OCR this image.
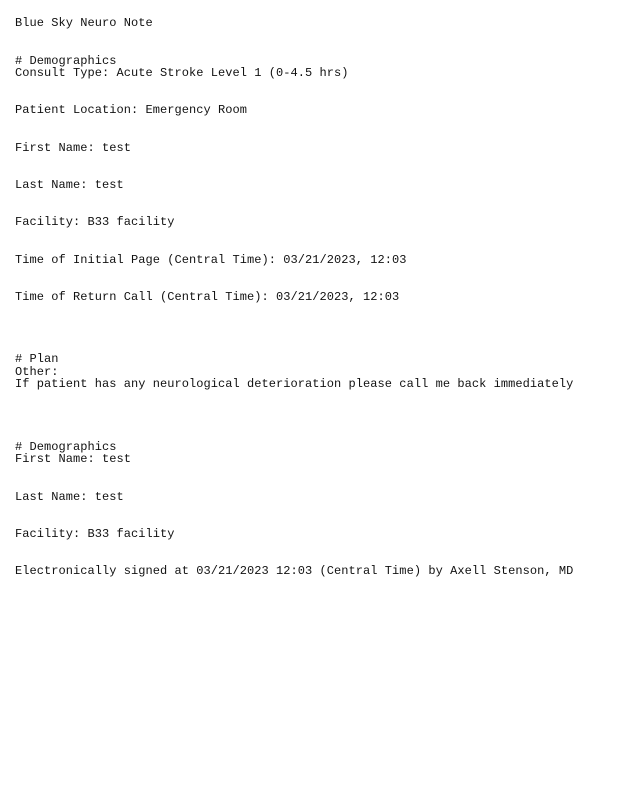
Blue Sky Neuro Note

# Demographics

Consult Type: Acute Stroke Level 1 (0-4.5 hrs)

Patient Location: Emergency Room

First Name: test

Last Name: test

Facility: B33 facility

Time of Initial Page (Central Time): 03/21/2023, 12:03

Time of Return Call (Central Time): 03/21/2023, 12:03

# Plan

Other:

If patient has any neurological deterioration please call me back immediately

# Demographics

First Name: test

Last Name: test

Facility: B33 facility

Electronically signed at 03/21/2023 12:03 (Central Time) by Axell Stenson, MD
